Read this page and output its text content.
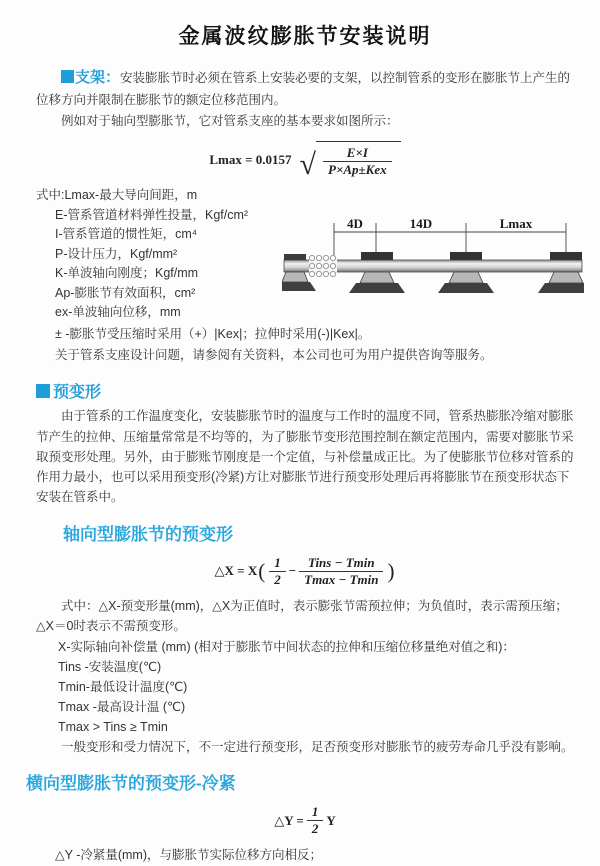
金属波纹膨胀节安装说明

支架：安装膨胀节时必须在管系上安装必要的支架，以控制管系的变形在膨胀节上产生的位移方向并限制在膨胀节的额定位移范围内。

例如对于轴向型膨胀节，它对管系支座的基本要求如图所示：

Lmax = 0.0157 √ $\frac{E\times I}{\text{P×Ap±Kex}}$
式中:Lmax-最大导向间距，m
E-管系管道材料弹性投量，Kgf/cm²
I-管系管道的惯性矩，cm⁴
P-设计压力，Kgf/mm²
K-单波轴向刚度；Kgf/mm
Ap-膨胀节有效面积，cm²
ex-单波轴向位移，mm
4D	14D	Lmax
± -膨胀节受压缩时采用（+）|Kex|；拉伸时采用(-)|Kex|。
关于管系支座设计问题，请参阅有关资料，本公司也可为用户提供咨询等服务。
预变形

由于管系的工作温度变化，安装膨胀节时的温度与工作时的温度不同，管系热膨胀冷缩对膨胀节产生的拉伸、压缩量常常是不均等的，为了膨胀节变形范围控制在额定范围内，需要对膨胀节采取预变形处理。另外，由于膨账节刚度是一个定值，与补偿量成正比。为了使膨胀节位移对管系的作用力最小，也可以采用预变形(冷紧)方让对膨胀节进行预变形处理后再将膨胀节在预变形状态下安装在管系中。

轴向型膨胀节的预变形
△X = X ( $\frac{1}{2} - \frac{\text{Tins − Tmin}}{Tmax - Tmin}$ )

式中：△X-预变形量(mm)，△X为正值时，表示膨张节需预拉伸；为负值时，表示需预压缩；△X＝0时表示不需预变形。

X-实际轴向补偿量 (mm) (相对于膨胀节中间状态的拉伸和压缩位移量绝对值之和)：
Tins -安装温度(℃)
Tmin-最低设计温度(℃)
Tmax -最高设计温 (℃)
Tmax > Tins ≥ Tmin

一般变形和受力情况下，不一定进行预变形，足否预变形对膨胀节的疲劳寿命几乎没有影响。

横向型膨胀节的预变形-冷紧
△Y = $\frac{1}{2}$ Y
△Y -冷紧量(mm)，与膨胀节实际位移方向相反；
